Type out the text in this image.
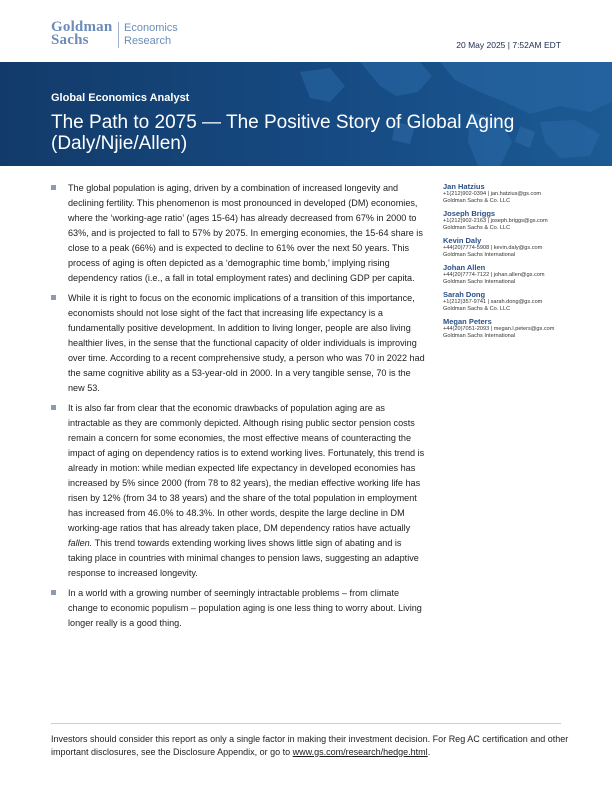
Goldman
Sachs
Economics
Research	20 May 2025 | 7:52AM EDT
Global Economics Analyst
The Path to 2075 — The Positive Story of Global Aging (Daly/Njie/Allen)

The global population is aging, driven by a combination of increased longevity and declining fertility. This phenomenon is most pronounced in developed (DM) economies, where the ‘working-age ratio’ (ages 15-64) has already decreased from 67% in 2000 to 63%, and is projected to fall to 57% by 2075. In emerging economies, the 15-64 share is close to a peak (66%) and is expected to decline to 61% over the next 50 years. This process of aging is often depicted as a ‘demographic time bomb,’ implying rising dependency ratios (i.e., a fall in total employment rates) and declining GDP per capita.

While it is right to focus on the economic implications of a transition of this importance, economists should not lose sight of the fact that increasing life expectancy is a fundamentally positive development. In addition to living longer, people are also living healthier lives, in the sense that the functional capacity of older individuals is improving over time. According to a recent comprehensive study, a person who was 70 in 2022 had the same cognitive ability as a 53-year-old in 2000. In a very tangible sense, 70 is the new 53.

It is also far from clear that the economic drawbacks of population aging are as intractable as they are commonly depicted. Although rising public sector pension costs remain a concern for some economies, the most effective means of counteracting the impact of aging on dependency ratios is to extend working lives. Fortunately, this trend is already in motion: while median expected life expectancy in developed economies has increased by 5% since 2000 (from 78 to 82 years), the median effective working life has risen by 12% (from 34 to 38 years) and the share of the total population in employment has increased from 46.0% to 48.3%. In other words, despite the large decline in DM working-age ratios that has already taken place, DM dependency ratios have actually fallen. This trend towards extending working lives shows little sign of abating and is taking place in countries with minimal changes to pension laws, suggesting an adaptive response to increased longevity.

In a world with a growing number of seemingly intractable problems – from climate change to economic populism – population aging is one less thing to worry about. Living longer really is a good thing.

Jan Hatzius
+1(212)902-0394 | jan.hatzius@gs.com
Goldman Sachs & Co. LLC
Joseph Briggs
+1(212)902-2163 | joseph.briggs@gs.com
Goldman Sachs & Co. LLC
Kevin Daly
+44(20)7774-5908 | kevin.daly@gs.com
Goldman Sachs International
Johan Allen
+44(20)7774-7122 | johan.allen@gs.com
Goldman Sachs International
Sarah Dong
+1(212)357-9741 | sarah.dong@gs.com
Goldman Sachs & Co. LLC
Megan Peters
+44(20)7051-2093 | megan.l.peters@gs.com
Goldman Sachs International
Investors should consider this report as only a single factor in making their investment decision. For Reg AC certification and other important disclosures, see the Disclosure Appendix, or go to www.gs.com/research/hedge.html.
